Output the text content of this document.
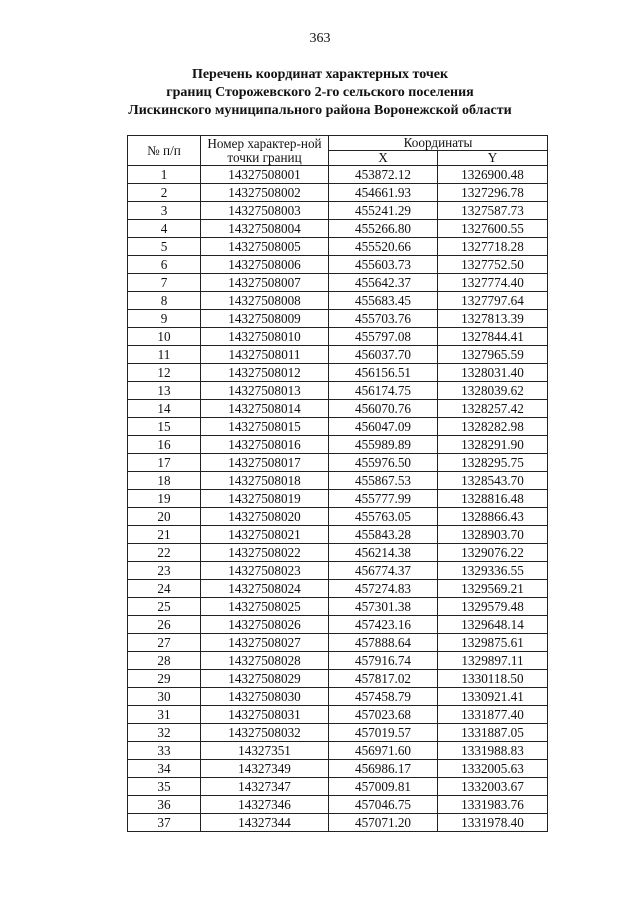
363
Перечень координат характерных точек
границ Сторожевского 2-го сельского поселения
Лискинского муниципального района Воронежской области
№ п/п	Номер характер-ной точки границ	Координаты	
		X	Y
1	14327508001	453872.12	1326900.48
2	14327508002	454661.93	1327296.78
3	14327508003	455241.29	1327587.73
4	14327508004	455266.80	1327600.55
5	14327508005	455520.66	1327718.28
6	14327508006	455603.73	1327752.50
7	14327508007	455642.37	1327774.40
8	14327508008	455683.45	1327797.64
9	14327508009	455703.76	1327813.39
10	14327508010	455797.08	1327844.41
11	14327508011	456037.70	1327965.59
12	14327508012	456156.51	1328031.40
13	14327508013	456174.75	1328039.62
14	14327508014	456070.76	1328257.42
15	14327508015	456047.09	1328282.98
16	14327508016	455989.89	1328291.90
17	14327508017	455976.50	1328295.75
18	14327508018	455867.53	1328543.70
19	14327508019	455777.99	1328816.48
20	14327508020	455763.05	1328866.43
21	14327508021	455843.28	1328903.70
22	14327508022	456214.38	1329076.22
23	14327508023	456774.37	1329336.55
24	14327508024	457274.83	1329569.21
25	14327508025	457301.38	1329579.48
26	14327508026	457423.16	1329648.14
27	14327508027	457888.64	1329875.61
28	14327508028	457916.74	1329897.11
29	14327508029	457817.02	1330118.50
30	14327508030	457458.79	1330921.41
31	14327508031	457023.68	1331877.40
32	14327508032	457019.57	1331887.05
33	14327351	456971.60	1331988.83
34	14327349	456986.17	1332005.63
35	14327347	457009.81	1332003.67
36	14327346	457046.75	1331983.76
37	14327344	457071.20	1331978.40
